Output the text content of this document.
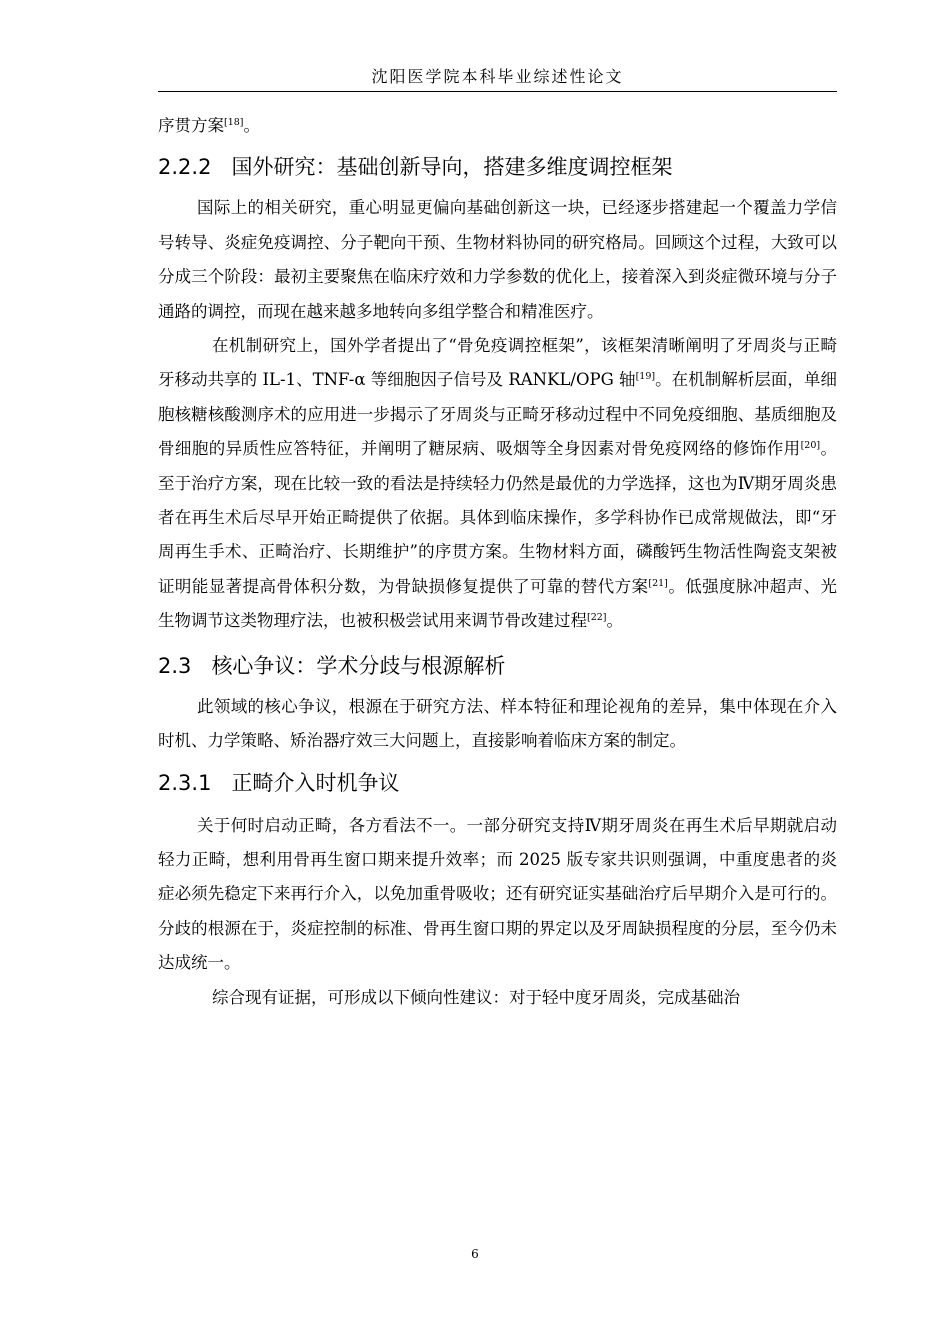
沈阳医学院本科毕业综述性论文

序贯方案[18]。

2.2.2 国外研究：基础创新导向，搭建多维度调控框架

国际上的相关研究，重心明显更偏向基础创新这一块，已经逐步搭建起一个覆盖力学信号转导、炎症免疫调控、分子靶向干预、生物材料协同的研究格局。回顾这个过程，大致可以分成三个阶段：最初主要聚焦在临床疗效和力学参数的优化上，接着深入到炎症微环境与分子通路的调控，而现在越来越多地转向多组学整合和精准医疗。

在机制研究上，国外学者提出了“骨免疫调控框架”，该框架清晰阐明了牙周炎与正畸牙移动共享的 IL-1、TNF-α 等细胞因子信号及 RANKL/OPG 轴[19]。在机制解析层面，单细胞核糖核酸测序术的应用进一步揭示了牙周炎与正畸牙移动过程中不同免疫细胞、基质细胞及骨细胞的异质性应答特征，并阐明了糖尿病、吸烟等全身因素对骨免疫网络的修饰作用[20]。至于治疗方案，现在比较一致的看法是持续轻力仍然是最优的力学选择，这也为Ⅳ期牙周炎患者在再生术后尽早开始正畸提供了依据。具体到临床操作，多学科协作已成常规做法，即“牙周再生手术、正畸治疗、长期维护”的序贯方案。生物材料方面，磷酸钙生物活性陶瓷支架被证明能显著提高骨体积分数，为骨缺损修复提供了可靠的替代方案[21]。低强度脉冲超声、光生物调节这类物理疗法，也被积极尝试用来调节骨改建过程[22]。

2.3 核心争议：学术分歧与根源解析

此领域的核心争议，根源在于研究方法、样本特征和理论视角的差异，集中体现在介入时机、力学策略、矫治器疗效三大问题上，直接影响着临床方案的制定。

2.3.1 正畸介入时机争议

关于何时启动正畸，各方看法不一。一部分研究支持Ⅳ期牙周炎在再生术后早期就启动轻力正畸，想利用骨再生窗口期来提升效率；而 2025 版专家共识则强调，中重度患者的炎症必须先稳定下来再行介入，以免加重骨吸收；还有研究证实基础治疗后早期介入是可行的。分歧的根源在于，炎症控制的标准、骨再生窗口期的界定以及牙周缺损程度的分层，至今仍未达成统一。

综合现有证据，可形成以下倾向性建议：对于轻中度牙周炎，完成基础治

6
